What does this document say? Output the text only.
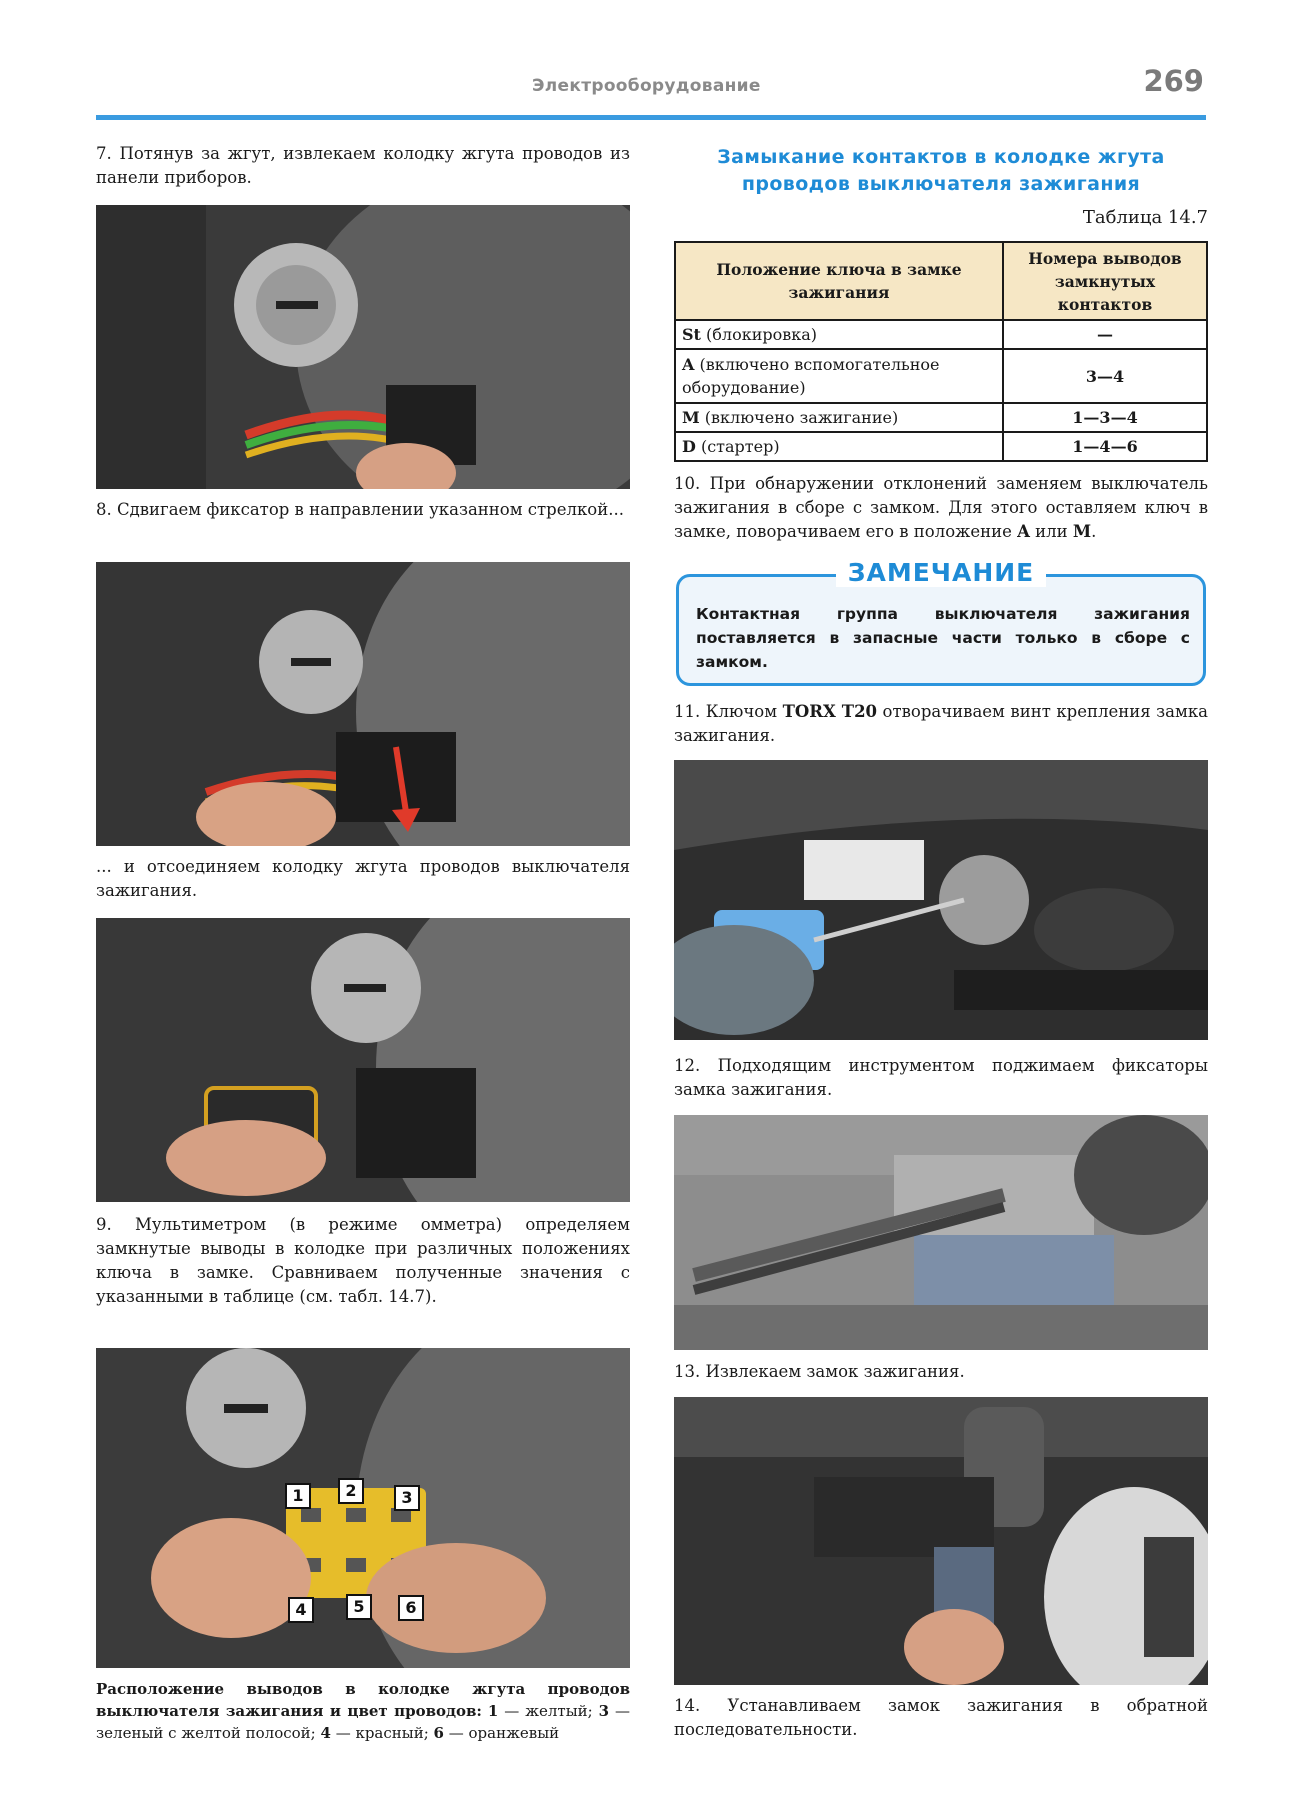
Электрооборудование	269

7. Потянув за жгут, извлекаем колодку жгута проводов из панели приборов.

8. Сдвигаем фиксатор в направлении указанном стрелкой...

... и отсоединяем колодку жгута проводов выключателя зажигания.

9. Мультиметром (в режиме омметра) определяем замкнутые выводы в колодке при различных положениях ключа в замке. Сравниваем полученные значения с указанными в таблице (см. табл. 14.7).

1	2	3
4	5	6

Расположение выводов в колодке жгута проводов выключателя зажигания и цвет проводов: 1 — желтый; 3 — зеленый с желтой полосой; 4 — красный; 6 — оранжевый

Замыкание контактов в колодке жгута
проводов выключателя зажигания
Таблица 14.7
Положение ключа в замке зажигания	Номера выводов замкнутых контактов
St (блокировка)	—
A (включено вспомогательное оборудование)	3—4
M (включено зажигание)	1—3—4
D (стартер)	1—4—6

10. При обнаружении отклонений заменяем выключатель зажигания в сборе с замком. Для этого оставляем ключ в замке, поворачиваем его в положение A или M.

ЗАМЕЧАНИЕ
Контактная группа выключателя зажигания поставляется в запасные части только в сборе с замком.

11. Ключом TORX T20 отворачиваем винт крепления замка зажигания.

12. Подходящим инструментом поджимаем фиксаторы замка зажигания.

13. Извлекаем замок зажигания.

14. Устанавливаем замок зажигания в обратной последовательности.
